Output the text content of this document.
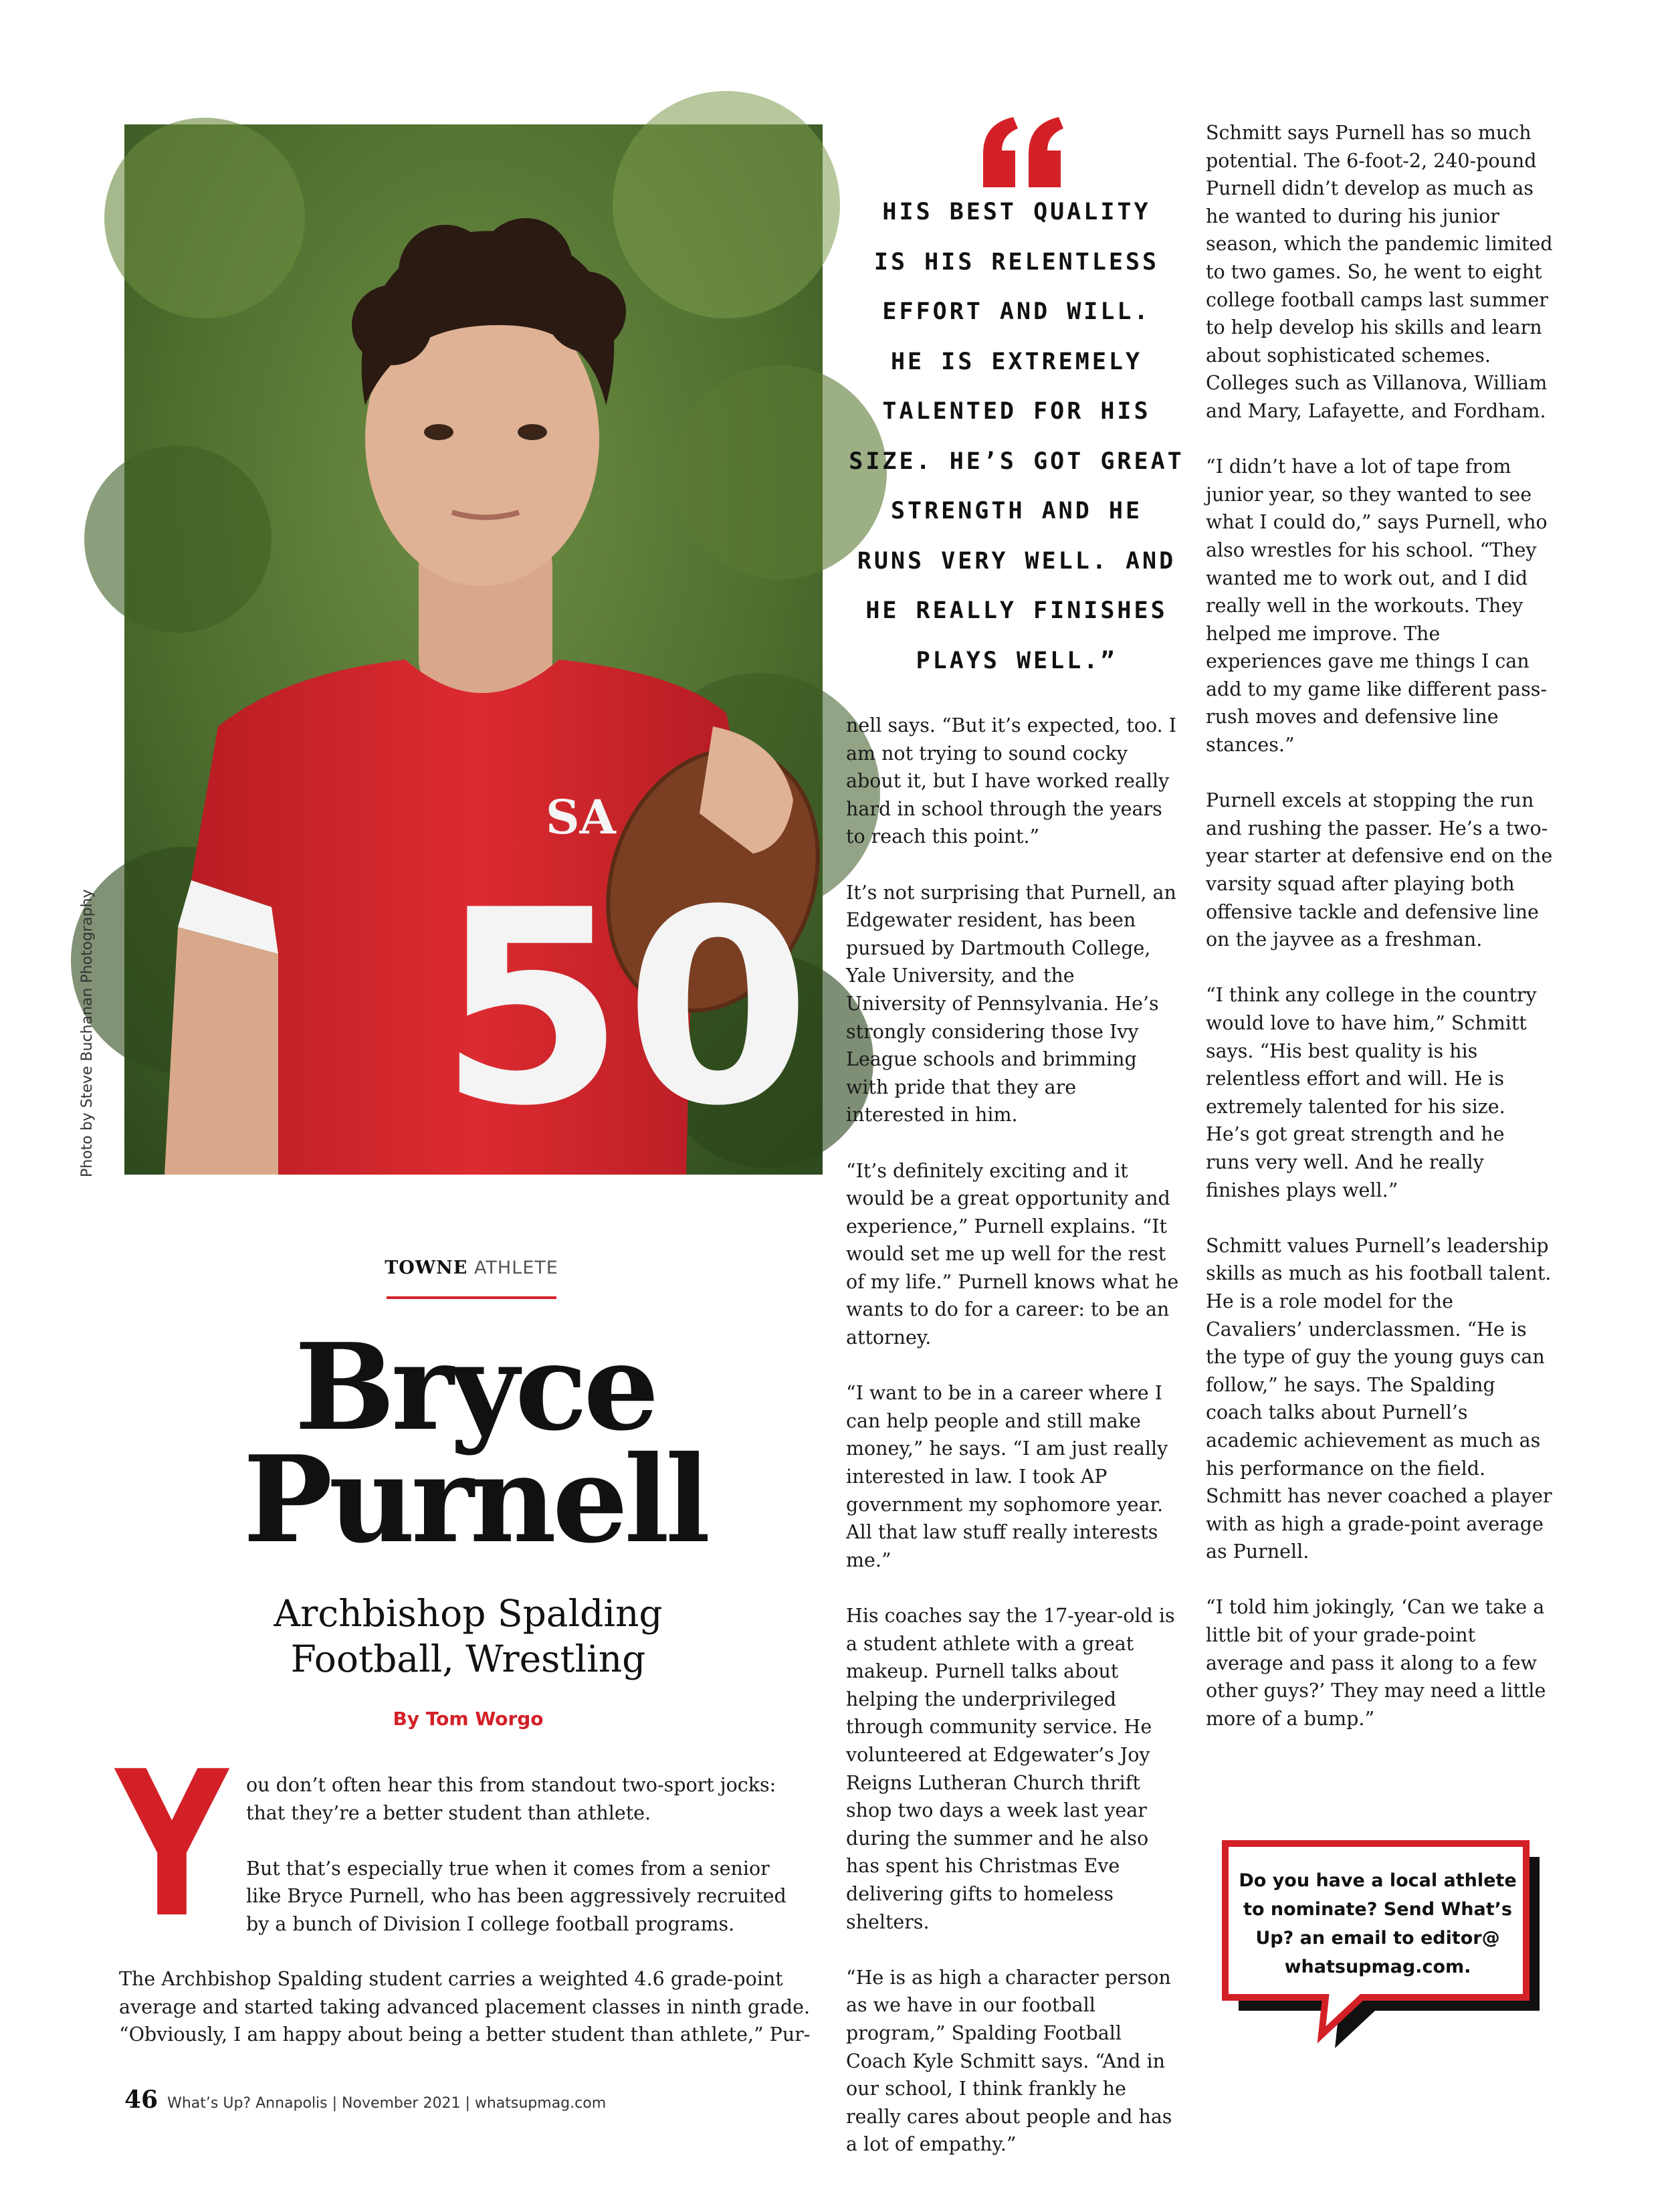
SA
50
Photo by Steve Buchanan Photography
HIS BEST QUALITY
IS HIS RELENTLESS
EFFORT AND WILL.
HE IS EXTREMELY
TALENTED FOR HIS
SIZE. HE’S GOT GREAT
STRENGTH AND HE
RUNS VERY WELL. AND
HE REALLY FINISHES
PLAYS WELL.”
TOWNE ATHLETE
Bryce
Purnell
Archbishop Spalding
Football, Wrestling
By Tom Worgo
Y ou don’t often hear this from standout two-sport jocks: that they’re a better student than athlete.

But that’s especially true when it comes from a senior like Bryce Purnell, who has been aggressively recruited by a bunch of Division I college football programs.

The Archbishop Spalding student carries a weighted 4.6 grade-point average and started taking advanced placement classes in ninth grade. “Obviously, I am happy about being a better student than athlete,” Pur-

nell says. “But it’s expected, too. I am not trying to sound cocky about it, but I have worked really hard in school through the years to reach this point.”

It’s not surprising that Purnell, an Edgewater resident, has been pursued by Dartmouth College, Yale University, and the University of Pennsylvania. He’s strongly considering those Ivy League schools and brimming with pride that they are interested in him.

“It’s definitely exciting and it would be a great opportunity and experience,” Purnell explains. “It would set me up well for the rest of my life.” Purnell knows what he wants to do for a career: to be an attorney.

“I want to be in a career where I can help people and still make money,” he says. “I am just really interested in law. I took AP government my sophomore year. All that law stuff really interests me.”

His coaches say the 17-year-old is a student athlete with a great makeup. Purnell talks about helping the underprivileged through community service. He volunteered at Edgewater’s Joy Reigns Lutheran Church thrift shop two days a week last year during the summer and he also has spent his Christmas Eve delivering gifts to homeless shelters.

“He is as high a character person as we have in our football program,” Spalding Football Coach Kyle Schmitt says. “And in our school, I think frankly he really cares about people and has a lot of empathy.”

Schmitt says Purnell has so much potential. The 6-foot-2, 240-pound Purnell didn’t develop as much as he wanted to during his junior season, which the pandemic limited to two games. So, he went to eight college football camps last summer to help develop his skills and learn about sophisticated schemes. Colleges such as Villanova, William and Mary, Lafayette, and Fordham.

“I didn’t have a lot of tape from junior year, so they wanted to see what I could do,” says Purnell, who also wrestles for his school. “They wanted me to work out, and I did really well in the workouts. They helped me improve. The experiences gave me things I can add to my game like different pass-rush moves and defensive line stances.”

Purnell excels at stopping the run and rushing the passer. He’s a two-year starter at defensive end on the varsity squad after playing both offensive tackle and defensive line on the jayvee as a freshman.

“I think any college in the country would love to have him,” Schmitt says. “His best quality is his relentless effort and will. He is extremely talented for his size. He’s got great strength and he runs very well. And he really finishes plays well.”

Schmitt values Purnell’s leadership skills as much as his football talent. He is a role model for the Cavaliers’ underclassmen. “He is the type of guy the young guys can follow,” he says. The Spalding coach talks about Purnell’s academic achievement as much as his performance on the field. Schmitt has never coached a player with as high a grade-point average as Purnell.

“I told him jokingly, ‘Can we take a little bit of your grade-point average and pass it along to a few other guys?’ They may need a little more of a bump.”

Do you have a local athlete to nominate? Send What’s Up? an email to editor@ whatsupmag.com.
46 What’s Up? Annapolis | November 2021 | whatsupmag.com
